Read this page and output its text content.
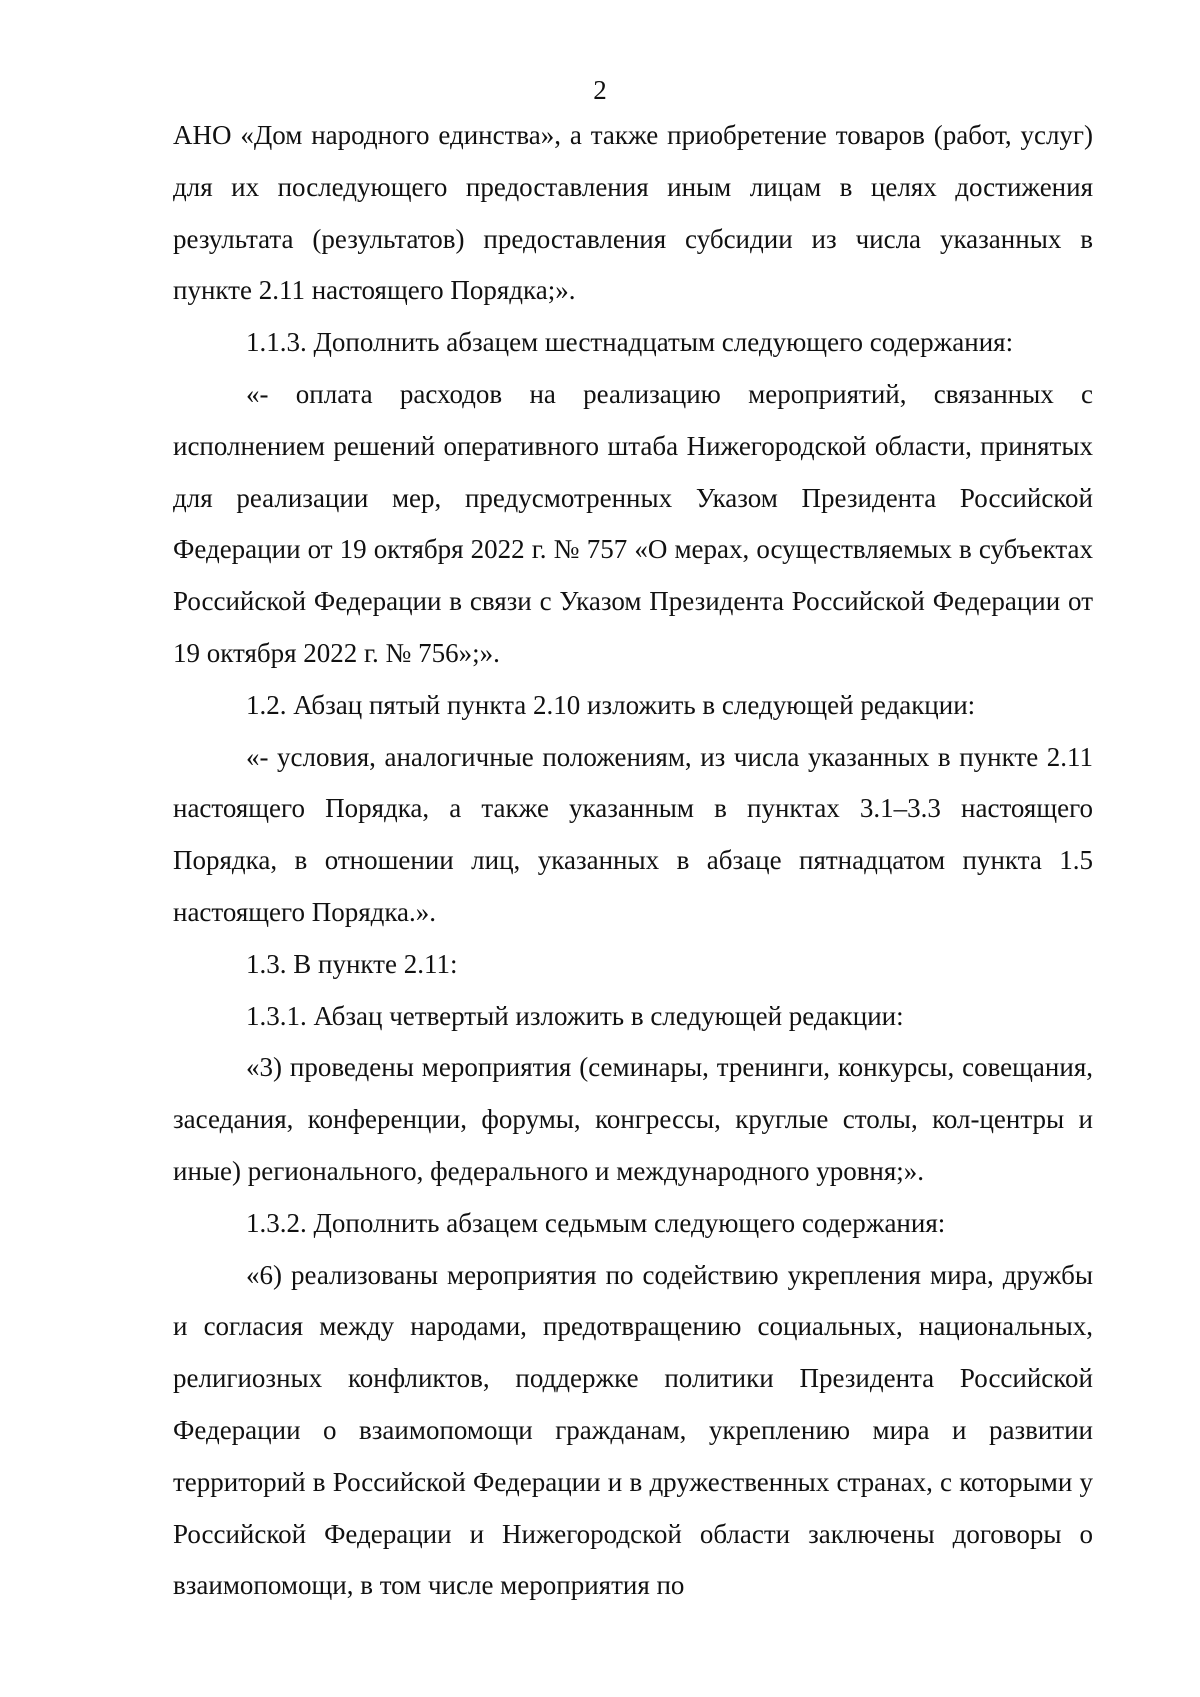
2

АНО «Дом народного единства», а также приобретение товаров (работ, услуг) для их последующего предоставления иным лицам в целях достижения результата (результатов) предоставления субсидии из числа указанных в пункте 2.11 настоящего Порядка;».

1.1.3. Дополнить абзацем шестнадцатым следующего содержания:

«- оплата расходов на реализацию мероприятий, связанных с исполнением решений оперативного штаба Нижегородской области, принятых для реализации мер, предусмотренных Указом Президента Российской Федерации от 19 октября 2022 г. № 757 «О мерах, осуществляемых в субъектах Российской Федерации в связи с Указом Президента Российской Федерации от 19 октября 2022 г. № 756»;».

1.2. Абзац пятый пункта 2.10 изложить в следующей редакции:

«- условия, аналогичные положениям, из числа указанных в пункте 2.11 настоящего Порядка, а также указанным в пунктах 3.1–3.3 настоящего Порядка, в отношении лиц, указанных в абзаце пятнадцатом пункта 1.5 настоящего Порядка.».

1.3. В пункте 2.11:

1.3.1. Абзац четвертый изложить в следующей редакции:

«3) проведены мероприятия (семинары, тренинги, конкурсы, совещания, заседания, конференции, форумы, конгрессы, круглые столы, кол-центры и иные) регионального, федерального и международного уровня;».

1.3.2. Дополнить абзацем седьмым следующего содержания:

«6) реализованы мероприятия по содействию укрепления мира, дружбы и согласия между народами, предотвращению социальных, национальных, религиозных конфликтов, поддержке политики Президента Российской Федерации о взаимопомощи гражданам, укреплению мира и развитии территорий в Российской Федерации и в дружественных странах, с которыми у Российской Федерации и Нижегородской области заключены договоры о взаимопомощи, в том числе мероприятия по
